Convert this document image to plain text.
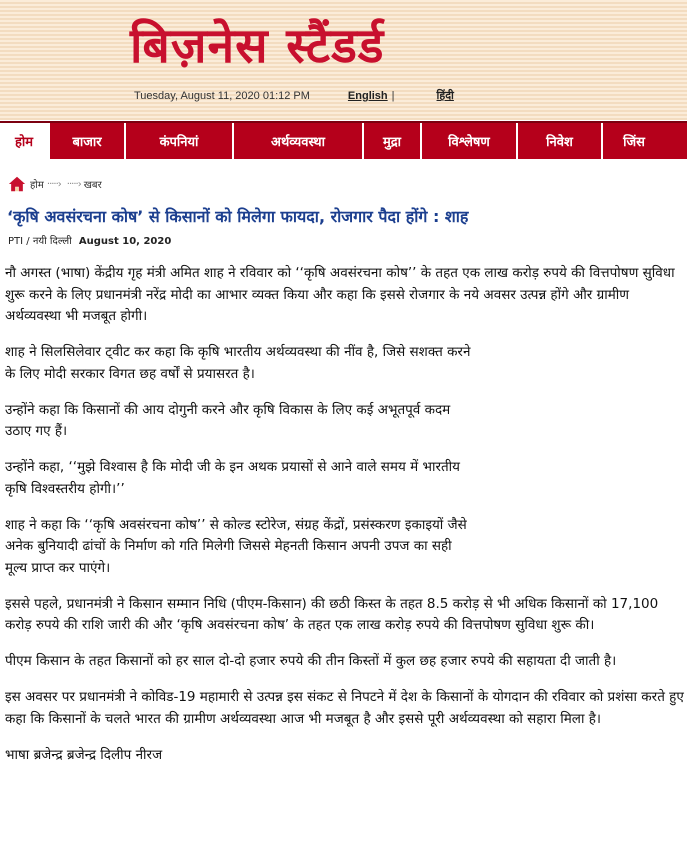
बिज़नेस स्टैंडर्ड
Tuesday, August 11, 2020 01:12 PM	English |	हिंदी
होम	बाजार	कंपनियां	अर्थव्यवस्था	मुद्रा	विश्लेषण	निवेश	जिंस
होम ·····› ·····› खबर
‘कृषि अवसंरचना कोष’ से किसानों को मिलेगा फायदा, रोजगार पैदा होंगे : शाह
PTI / नयी दिल्ली August 10, 2020

नौ अगस्त (भाषा) केंद्रीय गृह मंत्री अमित शाह ने रविवार को ‘‘कृषि अवसंरचना कोष’’ के तहत एक लाख करोड़ रुपये की वित्तपोषण सुविधा शुरू करने के लिए प्रधानमंत्री नरेंद्र मोदी का आभार व्यक्त किया और कहा कि इससे रोजगार के नये अवसर उत्पन्न होंगे और ग्रामीण अर्थव्यवस्था भी मजबूत होगी।

शाह ने सिलसिलेवार ट्वीट कर कहा कि कृषि भारतीय अर्थव्यवस्था की नींव है, जिसे सशक्त करने के लिए मोदी सरकार विगत छह वर्षों से प्रयासरत है।

उन्होंने कहा कि किसानों की आय दोगुनी करने और कृषि विकास के लिए कई अभूतपूर्व कदम उठाए गए हैं।

उन्होंने कहा, ‘‘मुझे विश्वास है कि मोदी जी के इन अथक प्रयासों से आने वाले समय में भारतीय कृषि विश्वस्तरीय होगी।’’

शाह ने कहा कि ‘‘कृषि अवसंरचना कोष’’ से कोल्ड स्टोरेज, संग्रह केंद्रों, प्रसंस्करण इकाइयों जैसे अनेक बुनियादी ढांचों के निर्माण को गति मिलेगी जिससे मेहनती किसान अपनी उपज का सही मूल्य प्राप्त कर पाएंगे।

इससे पहले, प्रधानमंत्री ने किसान सम्मान निधि (पीएम-किसान) की छठी किस्त के तहत 8.5 करोड़ से भी अधिक किसानों को 17,100 करोड़ रुपये की राशि जारी की और ‘कृषि अवसंरचना कोष’ के तहत एक लाख करोड़ रुपये की वित्तपोषण सुविधा शुरू की।

पीएम किसान के तहत किसानों को हर साल दो-दो हजार रुपये की तीन किस्तों में कुल छह हजार रुपये की सहायता दी जाती है।

इस अवसर पर प्रधानमंत्री ने कोविड-19 महामारी से उत्पन्न इस संकट से निपटने में देश के किसानों के योगदान की रविवार को प्रशंसा करते हुए कहा कि किसानों के चलते भारत की ग्रामीण अर्थव्यवस्था आज भी मजबूत है और इससे पूरी अर्थव्यवस्था को सहारा मिला है।

भाषा ब्रजेन्द्र ब्रजेन्द्र दिलीप नीरज
